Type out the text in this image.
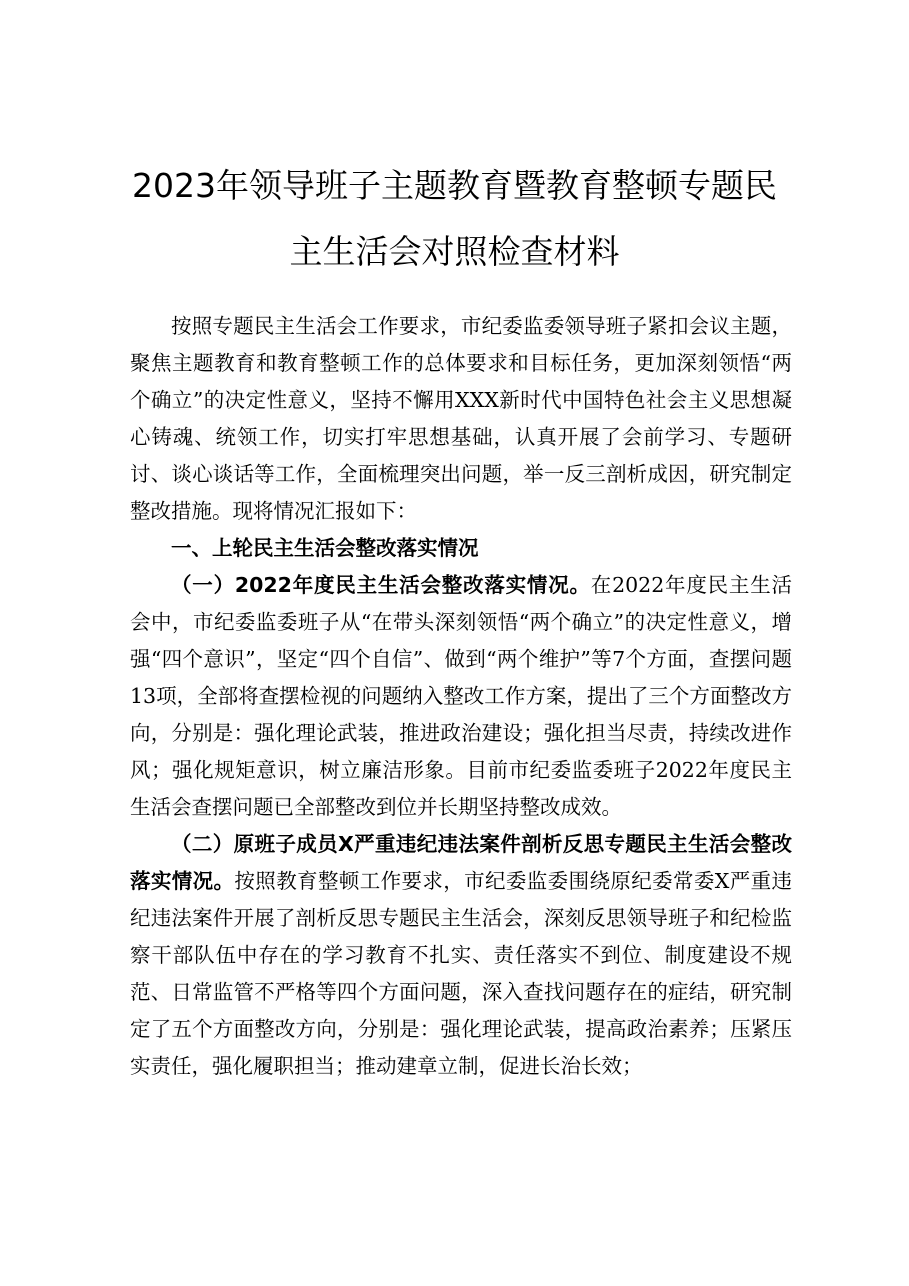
2023年领导班子主题教育暨教育整顿专题民
主生活会对照检查材料

按照专题民主生活会工作要求，市纪委监委领导班子紧扣会议主题，聚焦主题教育和教育整顿工作的总体要求和目标任务，更加深刻领悟“两个确立”的决定性意义，坚持不懈用XXX新时代中国特色社会主义思想凝心铸魂、统领工作，切实打牢思想基础，认真开展了会前学习、专题研讨、谈心谈话等工作，全面梳理突出问题，举一反三剖析成因，研究制定整改措施。现将情况汇报如下：

一、上轮民主生活会整改落实情况

（一）2022年度民主生活会整改落实情况。在2022年度民主生活会中，市纪委监委班子从“在带头深刻领悟“两个确立”的决定性意义，增强“四个意识”，坚定“四个自信”、做到“两个维护”等7个方面，查摆问题13项，全部将查摆检视的问题纳入整改工作方案，提出了三个方面整改方向，分别是：强化理论武装，推进政治建设；强化担当尽责，持续改进作风；强化规矩意识，树立廉洁形象。目前市纪委监委班子2022年度民主生活会查摆问题已全部整改到位并长期坚持整改成效。

（二）原班子成员X严重违纪违法案件剖析反思专题民主生活会整改落实情况。按照教育整顿工作要求，市纪委监委围绕原纪委常委X严重违纪违法案件开展了剖析反思专题民主生活会，深刻反思领导班子和纪检监察干部队伍中存在的学习教育不扎实、责任落实不到位、制度建设不规范、日常监管不严格等四个方面问题，深入查找问题存在的症结，研究制定了五个方面整改方向，分别是：强化理论武装，提高政治素养；压紧压实责任，强化履职担当；推动建章立制，促进长治长效；
